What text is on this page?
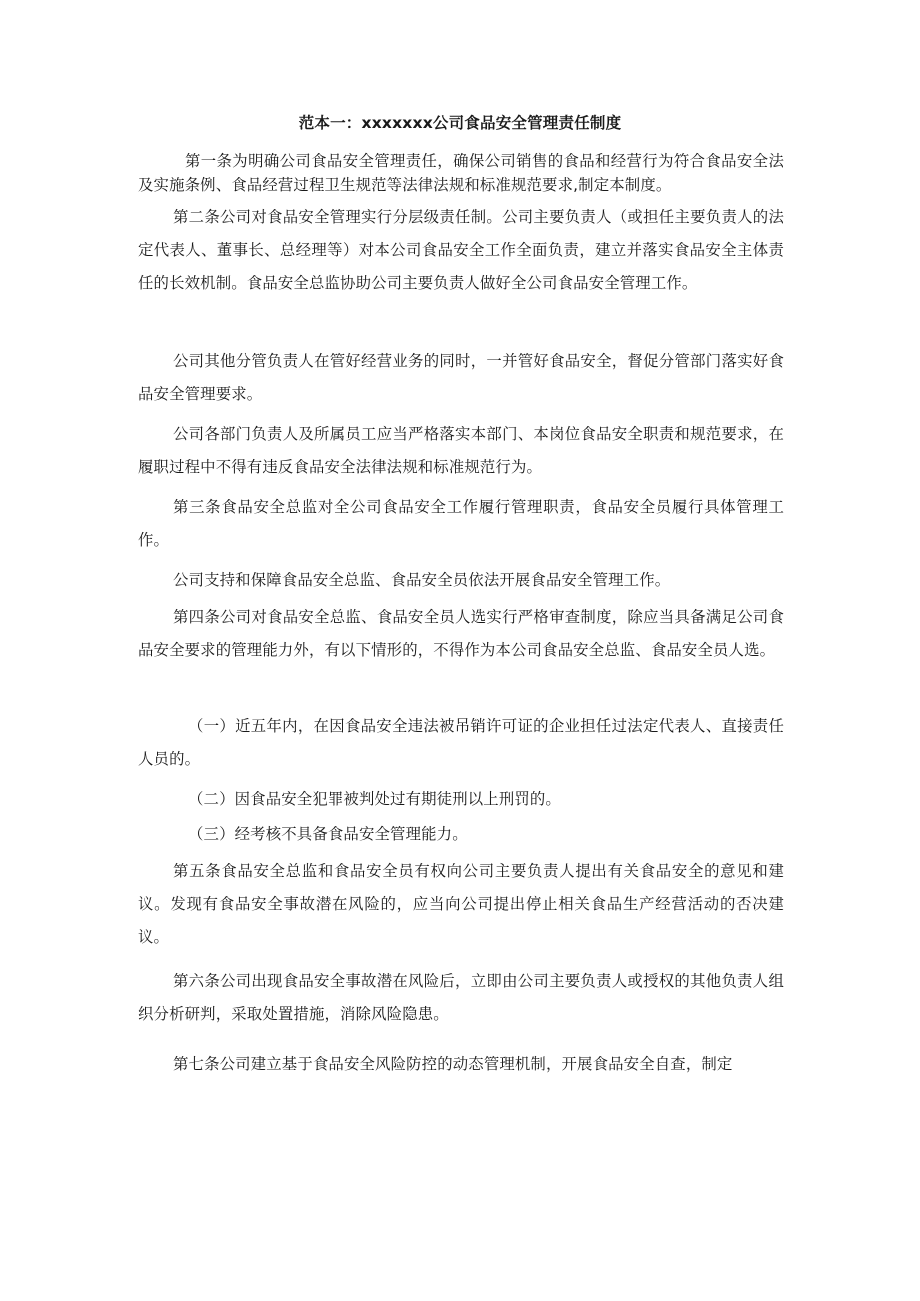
范本一：xxxxxxx公司食品安全管理责任制度

第一条为明确公司食品安全管理责任，确保公司销售的食品和经营行为符合食品安全法及实施条例、食品经营过程卫生规范等法律法规和标准规范要求,制定本制度。

第二条公司对食品安全管理实行分层级责任制。公司主要负责人（或担任主要负责人的法定代表人、董事长、总经理等）对本公司食品安全工作全面负责，建立并落实食品安全主体责任的长效机制。食品安全总监协助公司主要负责人做好全公司食品安全管理工作。

公司其他分管负责人在管好经营业务的同时，一并管好食品安全，督促分管部门落实好食品安全管理要求。

公司各部门负责人及所属员工应当严格落实本部门、本岗位食品安全职责和规范要求，在履职过程中不得有违反食品安全法律法规和标准规范行为。

第三条食品安全总监对全公司食品安全工作履行管理职责，食品安全员履行具体管理工作。

公司支持和保障食品安全总监、食品安全员依法开展食品安全管理工作。

第四条公司对食品安全总监、食品安全员人选实行严格审查制度，除应当具备满足公司食品安全要求的管理能力外，有以下情形的，不得作为本公司食品安全总监、食品安全员人选。

（一）近五年内，在因食品安全违法被吊销许可证的企业担任过法定代表人、直接责任人员的。

（二）因食品安全犯罪被判处过有期徒刑以上刑罚的。

（三）经考核不具备食品安全管理能力。

第五条食品安全总监和食品安全员有权向公司主要负责人提出有关食品安全的意见和建议。发现有食品安全事故潜在风险的，应当向公司提出停止相关食品生产经营活动的否决建议。

第六条公司出现食品安全事故潜在风险后，立即由公司主要负责人或授权的其他负责人组织分析研判，采取处置措施，消除风险隐患。

第七条公司建立基于食品安全风险防控的动态管理机制，开展食品安全自查，制定
